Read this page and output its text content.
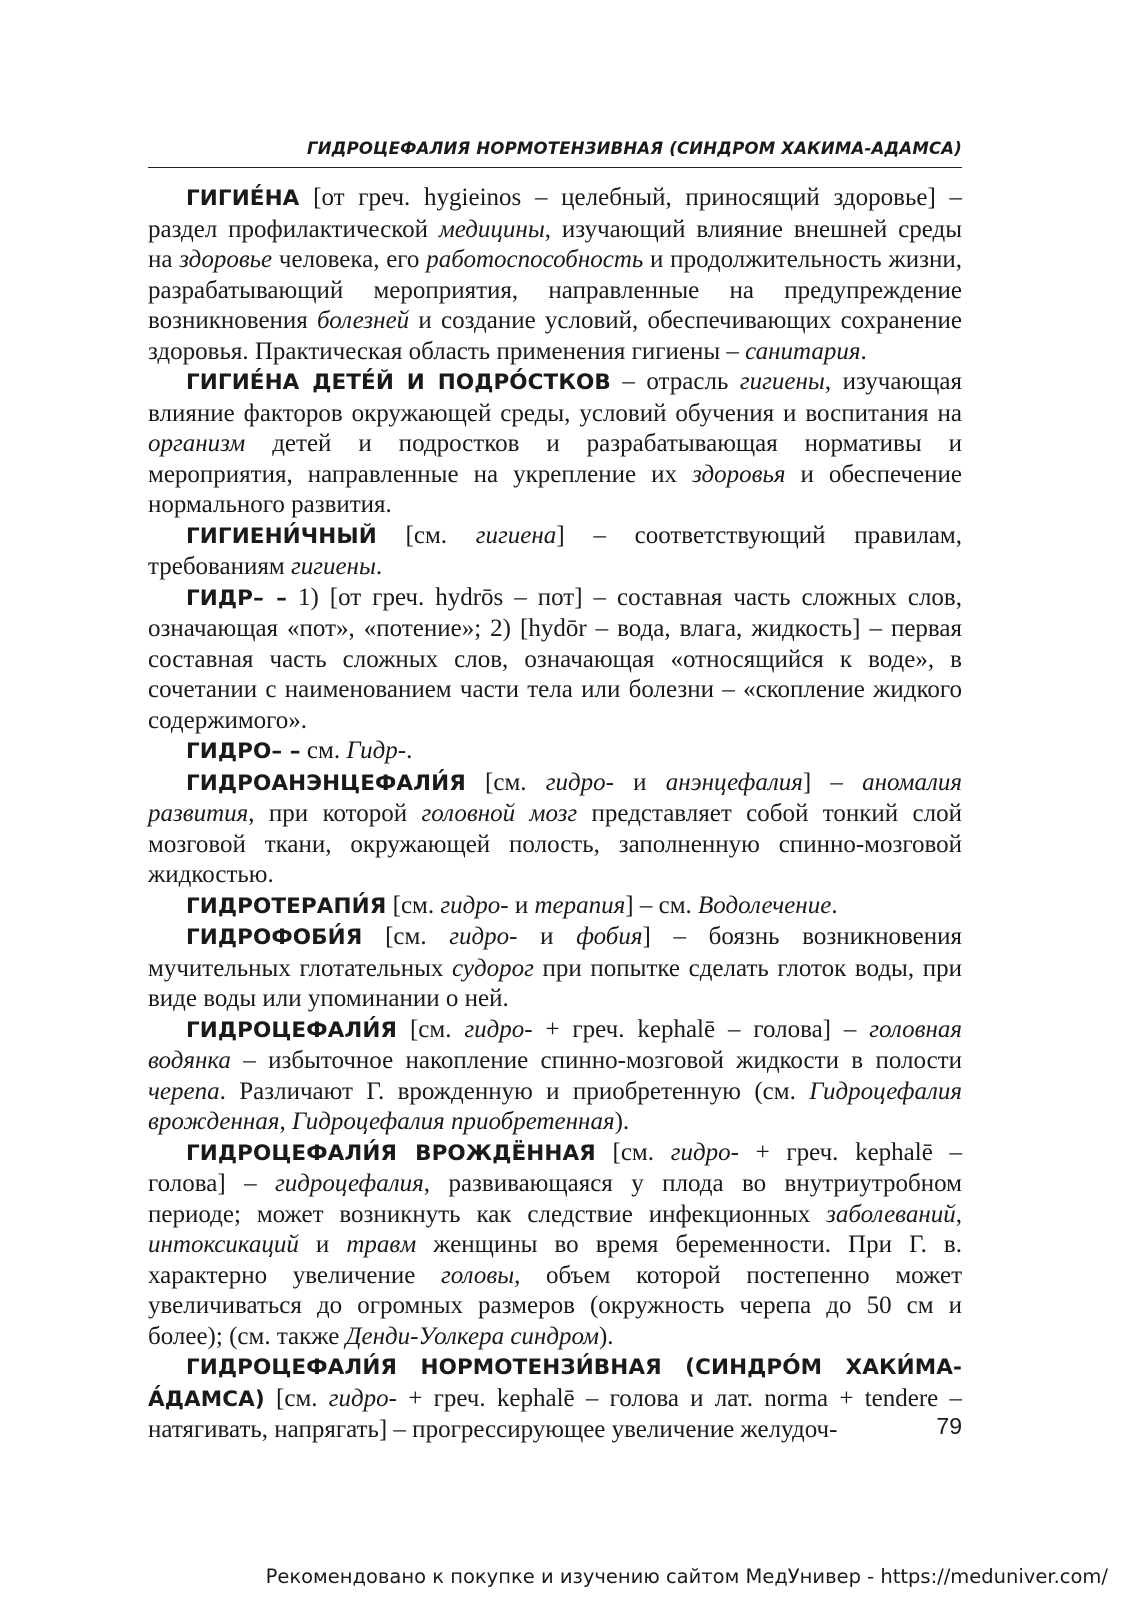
ГИДРОЦЕФАЛИЯ НОРМОТЕНЗИВНАЯ (СИНДРОМ ХАКИМА-АДАМСА)

ГИГИЕ́НА [от греч. hygieinos – целебный, приносящий здоровье] – раздел профилактической медицины, изучающий влияние внешней среды на здоровье человека, его работоспособность и продолжительность жизни, разрабатывающий мероприятия, направленные на предупреждение возникновения болезней и создание условий, обеспечивающих сохранение здоровья. Практическая область применения гигиены – санитария.

ГИГИЕ́НА ДЕТЕ́Й И ПОДРО́СТКОВ – отрасль гигиены, изучающая влияние факторов окружающей среды, условий обучения и воспитания на организм детей и подростков и разрабатывающая нормативы и мероприятия, направленные на укрепление их здоровья и обеспечение нормального развития.

ГИГИЕНИ́ЧНЫЙ [см. гигиена] – соответствующий правилам, требованиям гигиены.

ГИДР– – 1) [от греч. hydrōs – пот] – составная часть сложных слов, означающая «пот», «потение»; 2) [hydōr – вода, влага, жидкость] – первая составная часть сложных слов, означающая «относящийся к воде», в сочетании с наименованием части тела или болезни – «скопление жидкого содержимого».

ГИДРО– – см. Гидр-.

ГИДРОАНЭНЦЕФАЛИ́Я [см. гидро- и анэнцефалия] – аномалия развития, при которой головной мозг представляет собой тонкий слой мозговой ткани, окружающей полость, заполненную спинно-мозговой жидкостью.

ГИДРОТЕРАПИ́Я [см. гидро- и терапия] – см. Водолечение.

ГИДРОФОБИ́Я [см. гидро- и фобия] – боязнь возникновения мучительных глотательных судорог при попытке сделать глоток воды, при виде воды или упоминании о ней.

ГИДРОЦЕФАЛИ́Я [см. гидро- + греч. kephalē – голова] – головная водянка – избыточное накопление спинно-мозговой жидкости в полости черепа. Различают Г. врожденную и приобретенную (см. Гидроцефалия врожденная, Гидроцефалия приобретенная).

ГИДРОЦЕФАЛИ́Я ВРОЖДЁННАЯ [см. гидро- + греч. kephalē – голова] – гидроцефалия, развивающаяся у плода во внутриутробном периоде; может возникнуть как следствие инфекционных заболеваний, интоксикаций и травм женщины во время беременности. При Г. в. характерно увеличение головы, объем которой постепенно может увеличиваться до огромных размеров (окружность черепа до 50 см и более); (см. также Денди-Уолкера синдром).

ГИДРОЦЕФАЛИ́Я НОРМОТЕНЗИ́ВНАЯ (СИНДРО́М ХАКИ́МА-А́ДАМСА) [см. гидро- + греч. kephalē – голова и лат. norma + tendere – натягивать, напрягать] – прогрессирующее увеличение желудоч-	79
Рекомендовано к покупке и изучению сайтом МедУнивер - https://meduniver.com/
